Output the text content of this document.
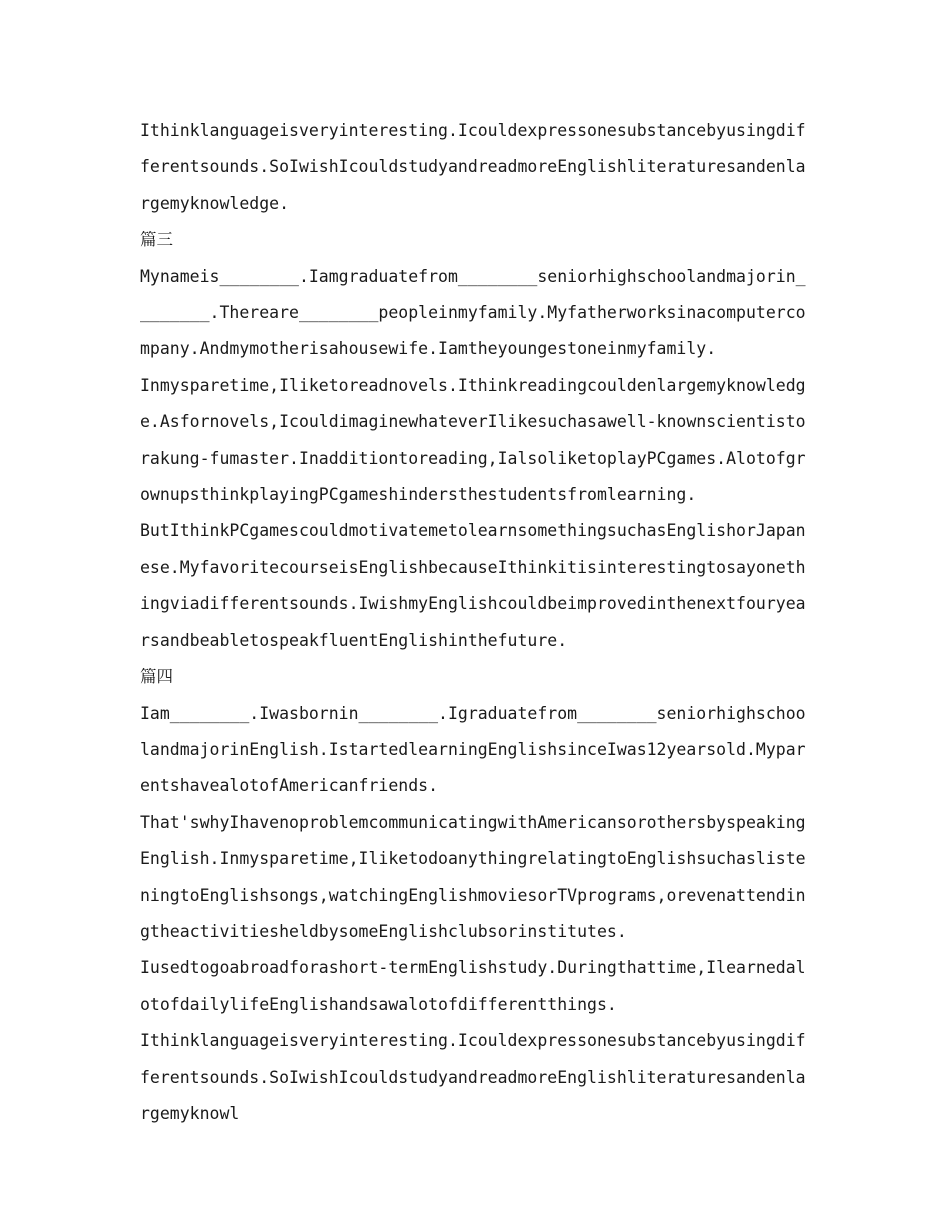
Ithinklanguageisveryinteresting.Icouldexpressonesubstancebyusingdifferentsounds.SoIwishIcouldstudyandreadmoreEnglishliteraturesandenlargemyknowledge.

篇三

Mynameis________.Iamgraduatefrom________seniorhighschoolandmajorin________.Thereare________peopleinmyfamily.Myfatherworksinacomputercompany.Andmymotherisahousewife.Iamtheyoungestoneinmyfamily.

Inmysparetime,Iliketoreadnovels.Ithinkreadingcouldenlargemyknowledge.Asfornovels,IcouldimaginewhateverIlikesuchasawell-knownscientistorakung-fumaster.Inadditiontoreading,IalsoliketoplayPCgames.AlotofgrownupsthinkplayingPCgameshindersthestudentsfromlearning.

ButIthinkPCgamescouldmotivatemetolearnsomethingsuchasEnglishorJapanese.MyfavoritecourseisEnglishbecauseIthinkitisinterestingtosayonethingviadifferentsounds.IwishmyEnglishcouldbeimprovedinthenextfouryearsandbeabletospeakfluentEnglishinthefuture.

篇四

Iam________.Iwasbornin________.Igraduatefrom________seniorhighschoolandmajorinEnglish.IstartedlearningEnglishsinceIwas12yearsold.MyparentshavealotofAmericanfriends.

That'swhyIhavenoproblemcommunicatingwithAmericansorothersbyspeakingEnglish.Inmysparetime,IliketodoanythingrelatingtoEnglishsuchaslisteningtoEnglishsongs,watchingEnglishmoviesorTVprograms,orevenattendingtheactivitiesheldbysomeEnglishclubsorinstitutes.

Iusedtogoabroadforashort-termEnglishstudy.Duringthattime,IlearnedalotofdailylifeEnglishandsawalotofdifferentthings.

Ithinklanguageisveryinteresting.Icouldexpressonesubstancebyusingdifferentsounds.SoIwishIcouldstudyandreadmoreEnglishliteraturesandenlargemyknowl
